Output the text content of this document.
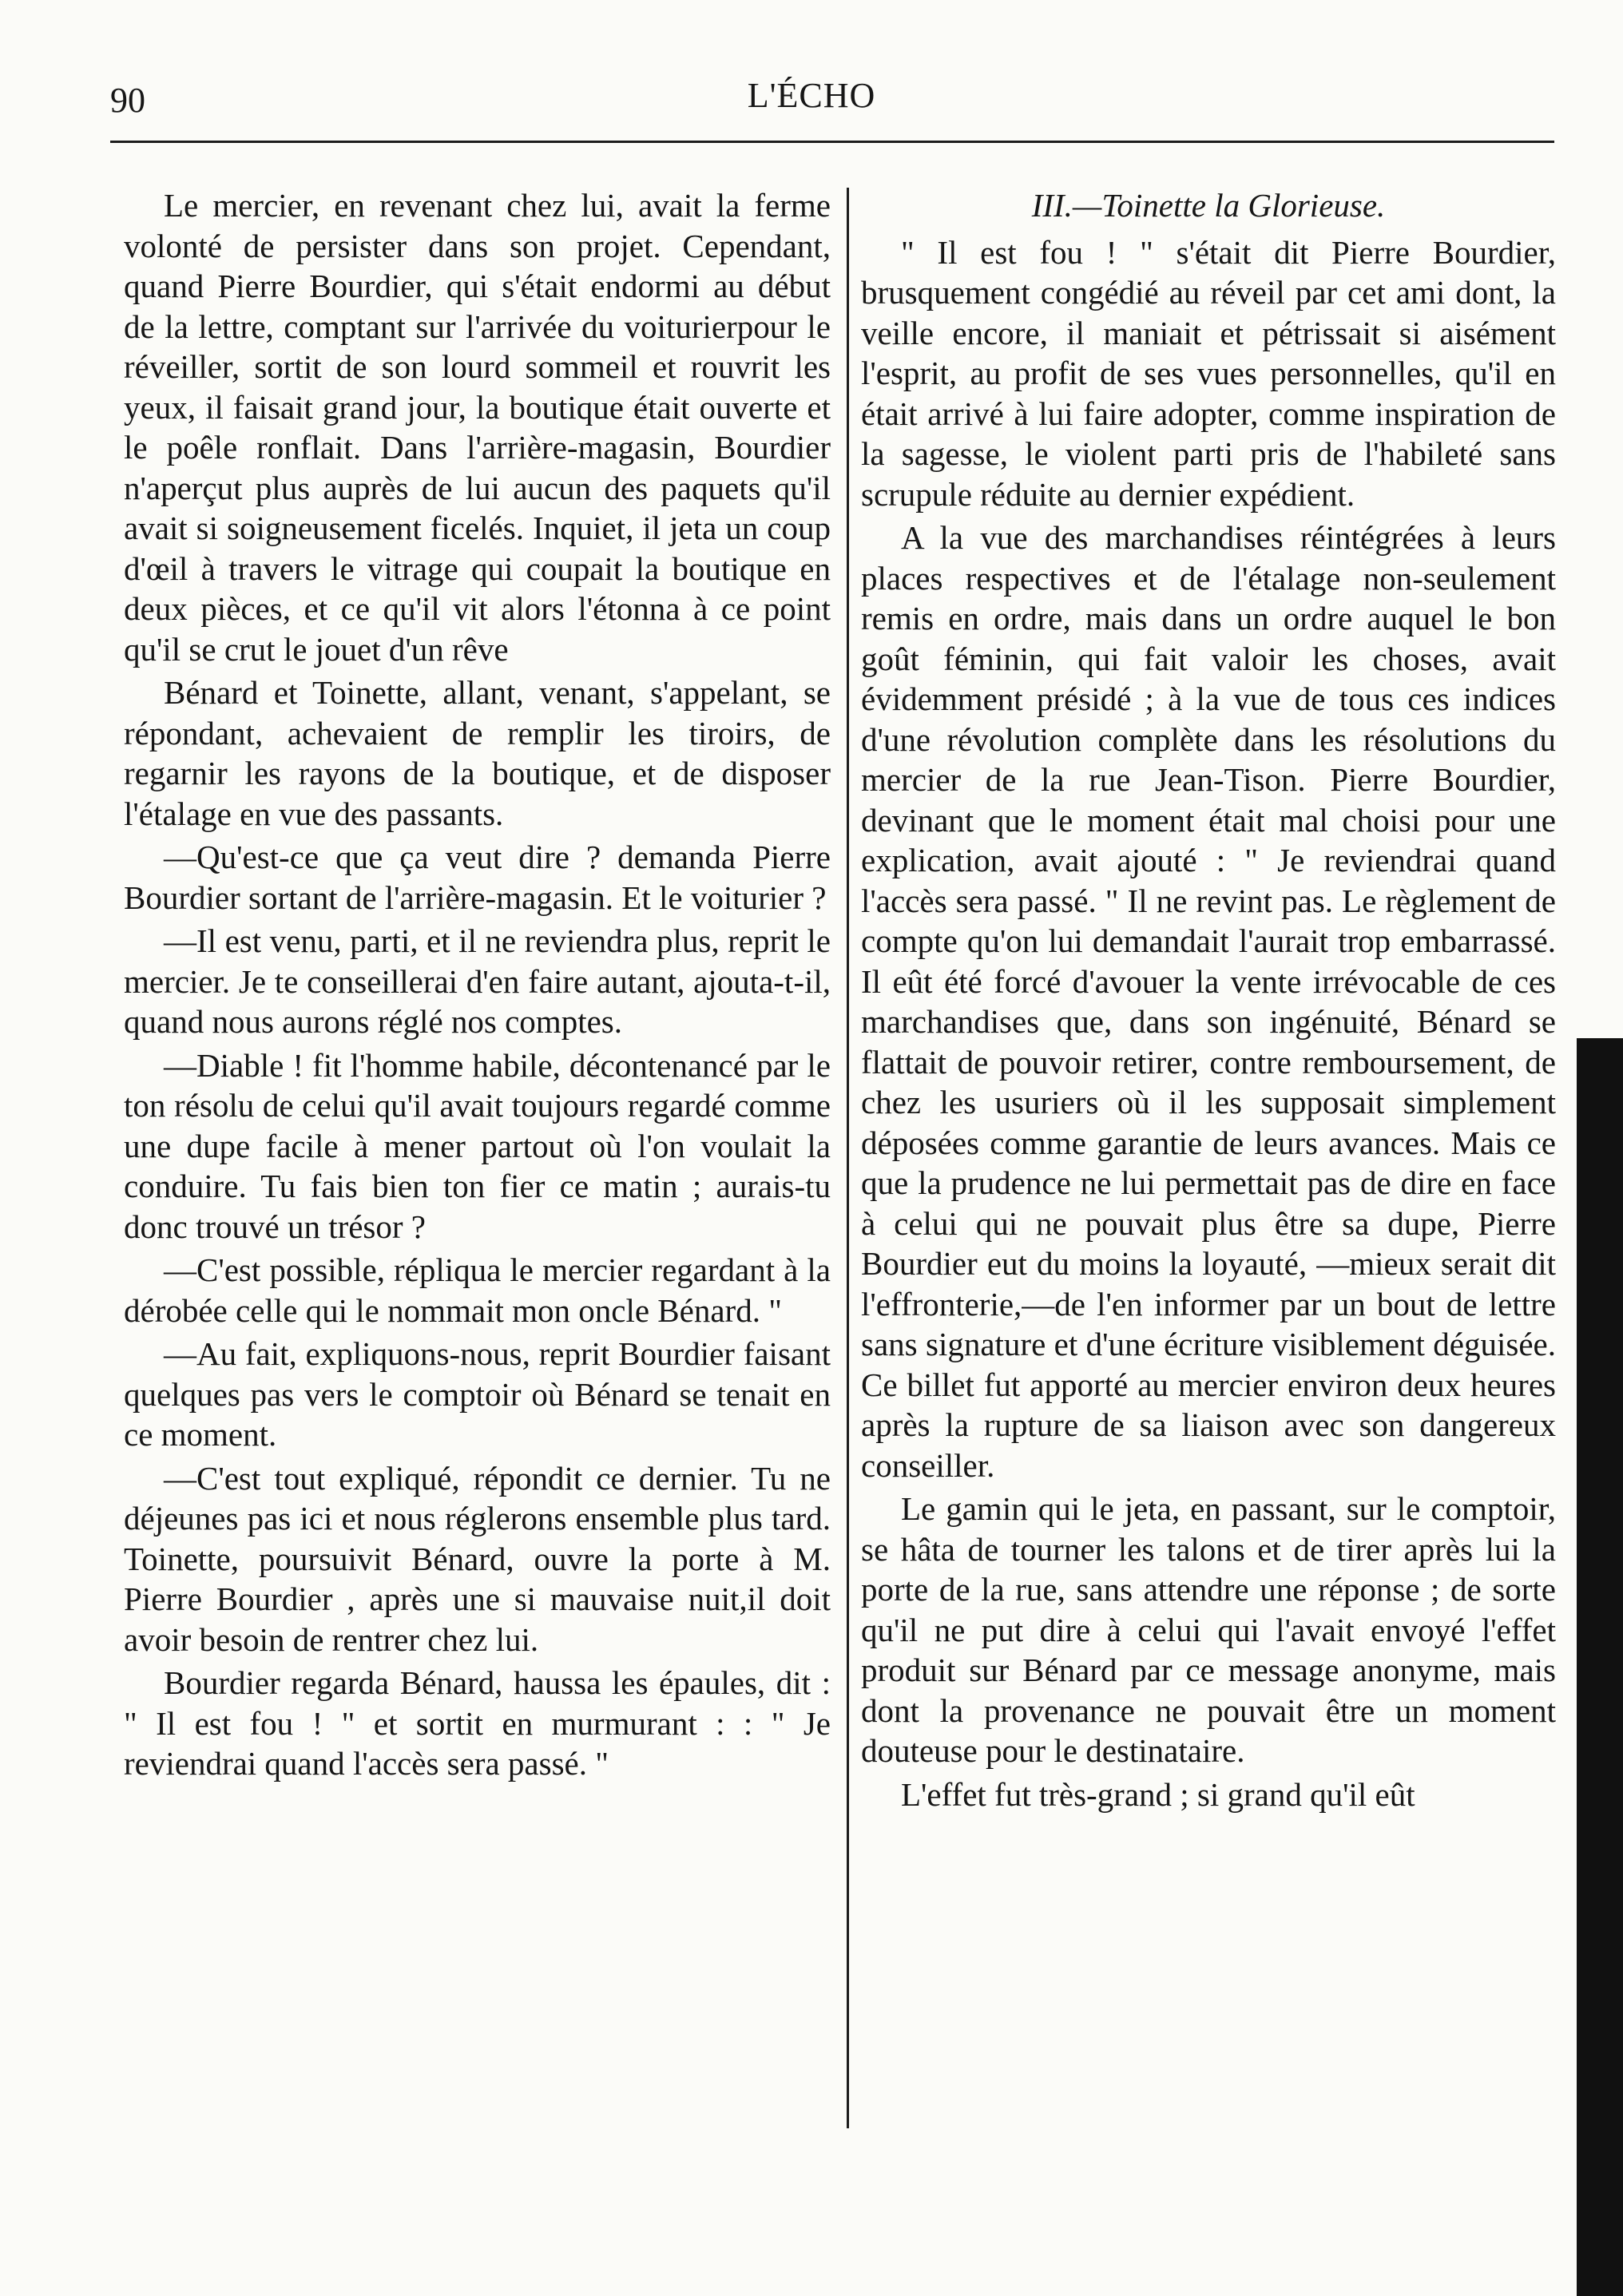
90	L'ÉCHO

Le mercier, en revenant chez lui, avait la ferme volonté de persister dans son projet. Cependant, quand Pierre Bourdier, qui s'était endormi au début de la lettre, comptant sur l'arrivée du voiturierpour le réveiller, sortit de son lourd sommeil et rouvrit les yeux, il faisait grand jour, la boutique était ouverte et le poêle ronflait. Dans l'arrière-magasin, Bourdier n'aperçut plus auprès de lui aucun des paquets qu'il avait si soigneusement ficelés. Inquiet, il jeta un coup d'œil à travers le vitrage qui coupait la boutique en deux pièces, et ce qu'il vit alors l'étonna à ce point qu'il se crut le jouet d'un rêve

Bénard et Toinette, allant, venant, s'appelant, se répondant, achevaient de remplir les tiroirs, de regarnir les rayons de la boutique, et de disposer l'étalage en vue des passants.

—Qu'est-ce que ça veut dire ? demanda Pierre Bourdier sortant de l'arrière-magasin. Et le voiturier ?

—Il est venu, parti, et il ne reviendra plus, reprit le mercier. Je te conseillerai d'en faire autant, ajouta-t-il, quand nous aurons réglé nos comptes.

—Diable ! fit l'homme habile, décontenancé par le ton résolu de celui qu'il avait toujours regardé comme une dupe facile à mener partout où l'on voulait la conduire. Tu fais bien ton fier ce matin ; aurais-tu donc trouvé un trésor ?

—C'est possible, répliqua le mercier regardant à la dérobée celle qui le nommait mon oncle Bénard. "

—Au fait, expliquons-nous, reprit Bourdier faisant quelques pas vers le comptoir où Bénard se tenait en ce moment.

—C'est tout expliqué, répondit ce dernier. Tu ne déjeunes pas ici et nous réglerons ensemble plus tard. Toinette, poursuivit Bénard, ouvre la porte à M. Pierre Bourdier , après une si mauvaise nuit,il doit avoir besoin de rentrer chez lui.

Bourdier regarda Bénard, haussa les épaules, dit : " Il est fou ! " et sortit en murmurant : : " Je reviendrai quand l'accès sera passé. "

III.—Toinette la Glorieuse.

" Il est fou ! " s'était dit Pierre Bourdier, brusquement congédié au réveil par cet ami dont, la veille encore, il maniait et pétrissait si aisément l'esprit, au profit de ses vues personnelles, qu'il en était arrivé à lui faire adopter, comme inspiration de la sagesse, le violent parti pris de l'habileté sans scrupule réduite au dernier expédient.

A la vue des marchandises réintégrées à leurs places respectives et de l'étalage non-seulement remis en ordre, mais dans un ordre auquel le bon goût féminin, qui fait valoir les choses, avait évidemment présidé ; à la vue de tous ces indices d'une révolution complète dans les résolutions du mercier de la rue Jean-Tison. Pierre Bourdier, devinant que le moment était mal choisi pour une explication, avait ajouté : " Je reviendrai quand l'accès sera passé. " Il ne revint pas. Le règlement de compte qu'on lui demandait l'aurait trop embarrassé. Il eût été forcé d'avouer la vente irrévocable de ces marchandises que, dans son ingénuité, Bénard se flattait de pouvoir retirer, contre remboursement, de chez les usuriers où il les supposait simplement déposées comme garantie de leurs avances. Mais ce que la prudence ne lui permettait pas de dire en face à celui qui ne pouvait plus être sa dupe, Pierre Bourdier eut du moins la loyauté, —mieux serait dit l'effronterie,—de l'en informer par un bout de lettre sans signature et d'une écriture visiblement déguisée. Ce billet fut apporté au mercier environ deux heures après la rupture de sa liaison avec son dangereux conseiller.

Le gamin qui le jeta, en passant, sur le comptoir, se hâta de tourner les talons et de tirer après lui la porte de la rue, sans attendre une réponse ; de sorte qu'il ne put dire à celui qui l'avait envoyé l'effet produit sur Bénard par ce message anonyme, mais dont la provenance ne pouvait être un moment douteuse pour le destinataire.

L'effet fut très-grand ; si grand qu'il eût
